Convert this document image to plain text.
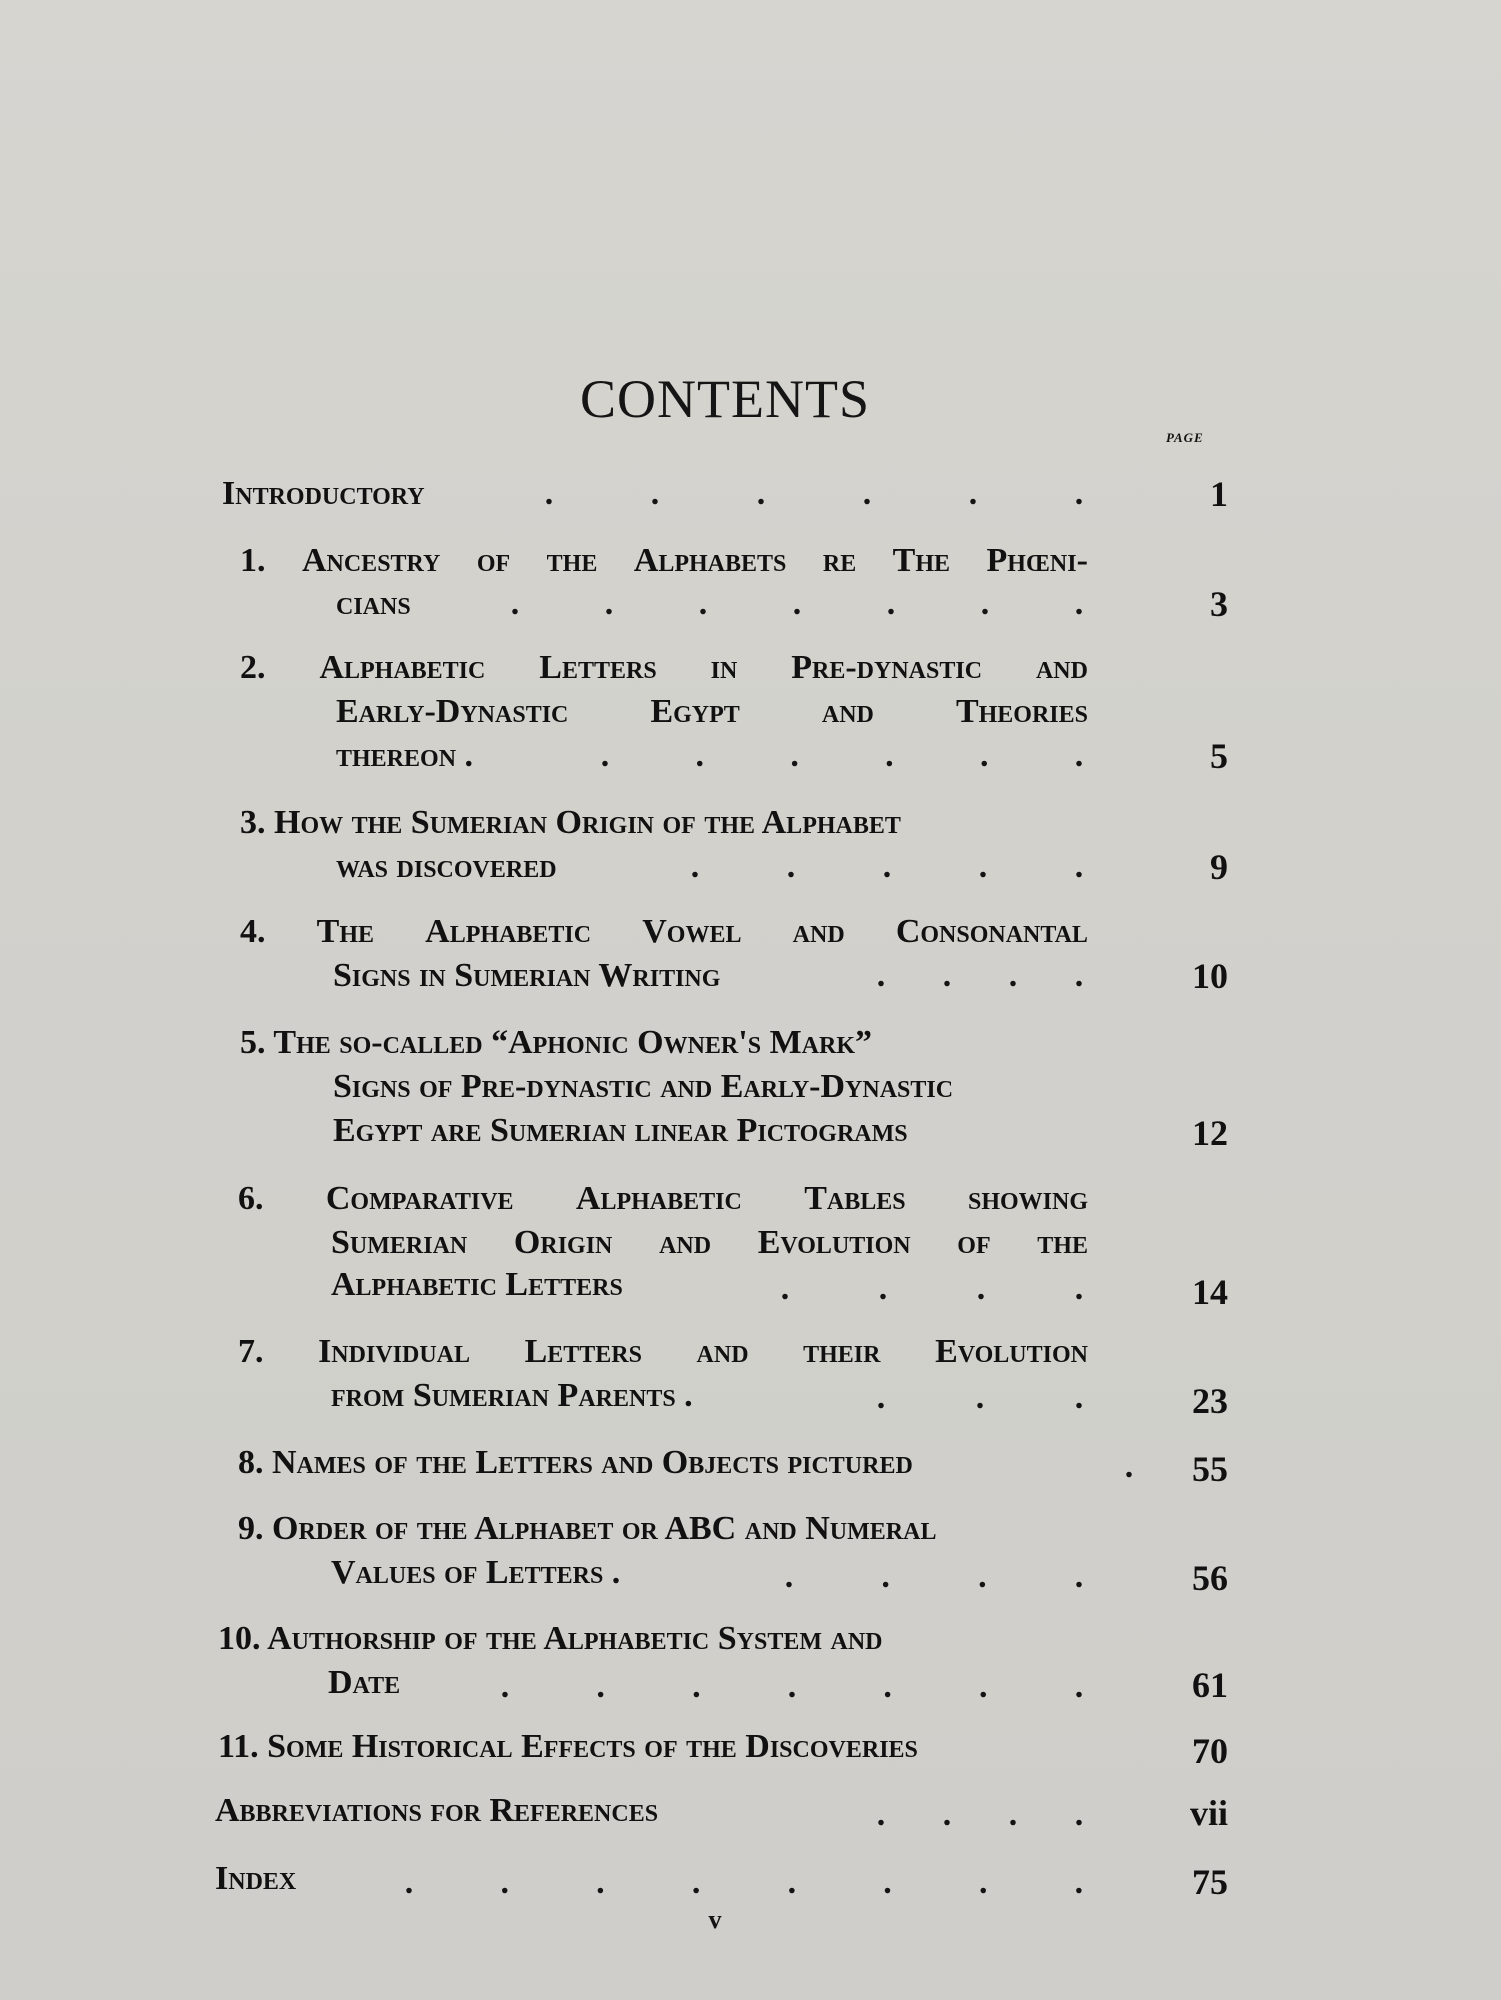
CONTENTS
PAGE
Introductory	.	.	.	.	.	.	1
1. Ancestry of the Alphabets re The Phœni-
cians	.	.	.	.	.	.	.	3
2. Alphabetic Letters in Pre-dynastic and
Early-Dynastic Egypt and Theories
thereon .	.	.	.	.	.	.	5
3. How the Sumerian Origin of the Alphabet
was discovered	.	.	.	.	.	9
4. The Alphabetic Vowel and Consonantal
Signs in Sumerian Writing	. . . .	10
5. The so-called “Aphonic Owner's Mark”
Signs of Pre-dynastic and Early-Dynastic
Egypt are Sumerian linear Pictograms	12
6. Comparative Alphabetic Tables showing
Sumerian Origin and Evolution of the
Alphabetic Letters	.	.	.	.	14
7. Individual Letters and their Evolution
from Sumerian Parents .	.	.	.	23
8. Names of the Letters and Objects pictured	.	55
9. Order of the Alphabet or ABC and Numeral
Values of Letters .	.	.	.	.	56
10. Authorship of the Alphabetic System and
Date	.	.	.	.	.	.	.	61
11. Some Historical Effects of the Discoveries	70
Abbreviations for References	. . . .	vii
Index	.	.	.	.	.	.	.	.	75
v
